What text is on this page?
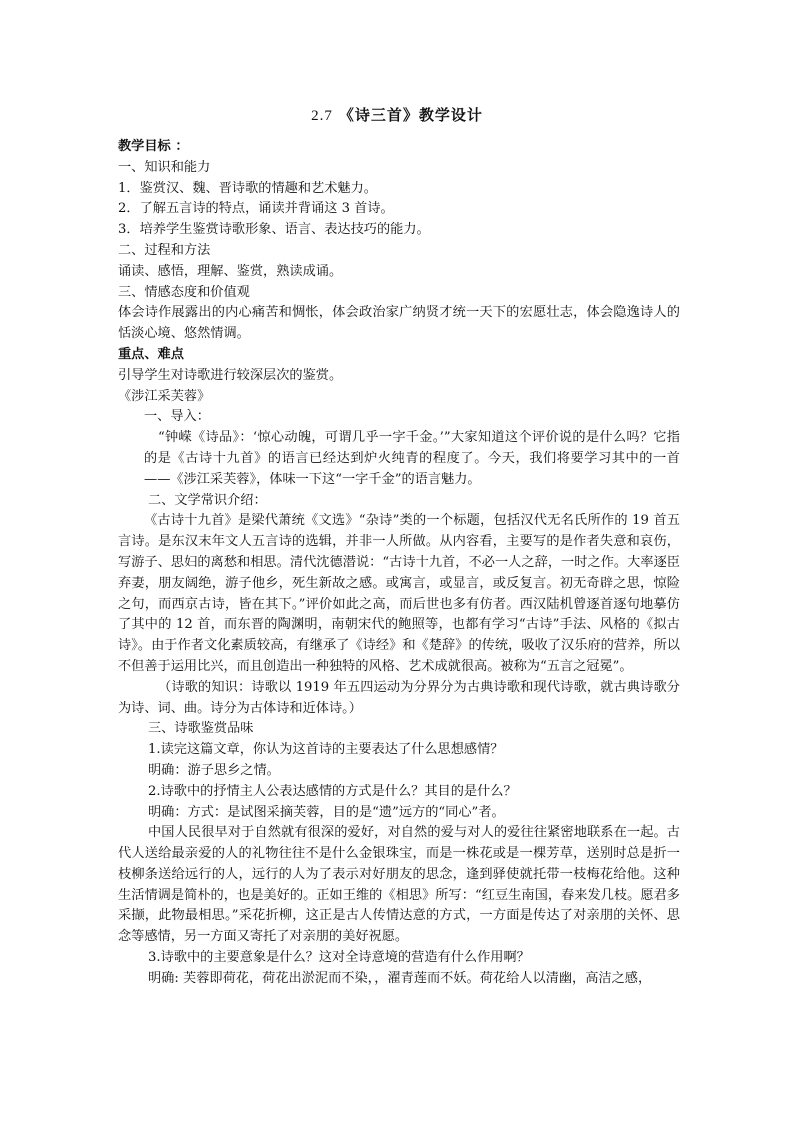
2.7 《诗三首》教学设计

教学目标 ：

一、知识和能力

1．鉴赏汉、魏、晋诗歌的情趣和艺术魅力。

2．了解五言诗的特点，诵读并背诵这 3 首诗。

3．培养学生鉴赏诗歌形象、语言、表达技巧的能力。

二、过程和方法

诵读、感悟，理解、鉴赏，熟读成诵。

三、情感态度和价值观

体会诗作展露出的内心痛苦和惆怅，体会政治家广纳贤才统一天下的宏愿壮志，体会隐逸诗人的恬淡心境、悠然情调。

重点、难点

引导学生对诗歌进行较深层次的鉴赏。

《涉江采芙蓉》

一、导入：

“钟嵘《诗品》：‘惊心动魄，可谓几乎一字千金。’”大家知道这个评价说的是什么吗？它指的是《古诗十九首》的语言已经达到炉火纯青的程度了。今天，我们将要学习其中的一首——《涉江采芙蓉》，体味一下这“一字千金”的语言魅力。

二、文学常识介绍：

《古诗十九首》是梁代萧统《文选》“杂诗”类的一个标题，包括汉代无名氏所作的 19 首五言诗。是东汉末年文人五言诗的选辑，并非一人所做。从内容看，主要写的是作者失意和哀伤，写游子、思妇的离愁和相思。清代沈德潜说：“古诗十九首，不必一人之辞，一时之作。大率逐臣弃妻，朋友阔绝，游子他乡，死生新故之感。或寓言，或显言，或反复言。初无奇辟之思，惊险之句，而西京古诗，皆在其下。”评价如此之高，而后世也多有仿者。西汉陆机曾逐首逐句地摹仿了其中的 12 首，而东晋的陶渊明，南朝宋代的鲍照等，也都有学习“古诗”手法、风格的《拟古诗》。由于作者文化素质较高，有继承了《诗经》和《楚辞》的传统，吸收了汉乐府的营养，所以不但善于运用比兴，而且创造出一种独特的风格、艺术成就很高。被称为“五言之冠冕”。

（诗歌的知识：诗歌以 1919 年五四运动为分界分为古典诗歌和现代诗歌，就古典诗歌分为诗、词、曲。诗分为古体诗和近体诗。）

三、诗歌鉴赏品味

1.读完这篇文章，你认为这首诗的主要表达了什么思想感情？

明确：游子思乡之情。

2.诗歌中的抒情主人公表达感情的方式是什么？其目的是什么？

明确：方式：是试图采摘芙蓉，目的是“遗”远方的“同心”者。

中国人民很早对于自然就有很深的爱好，对自然的爱与对人的爱往往紧密地联系在一起。古代人送给最亲爱的人的礼物往往不是什么金银珠宝，而是一株花或是一棵芳草，送别时总是折一枝柳条送给远行的人，远行的人为了表示对好朋友的思念，逢到驿使就托带一枝梅花给他。这种生活情调是简朴的，也是美好的。正如王维的《相思》所写：“红豆生南国，春来发几枝。愿君多采撷，此物最相思。”采花折柳，这正是古人传情达意的方式，一方面是传达了对亲朋的关怀、思念等感情，另一方面又寄托了对亲朋的美好祝愿。

3.诗歌中的主要意象是什么？这对全诗意境的营造有什么作用啊？

明确: 芙蓉即荷花，荷花出淤泥而不染，，濯青莲而不妖。荷花给人以清幽，高洁之感，
